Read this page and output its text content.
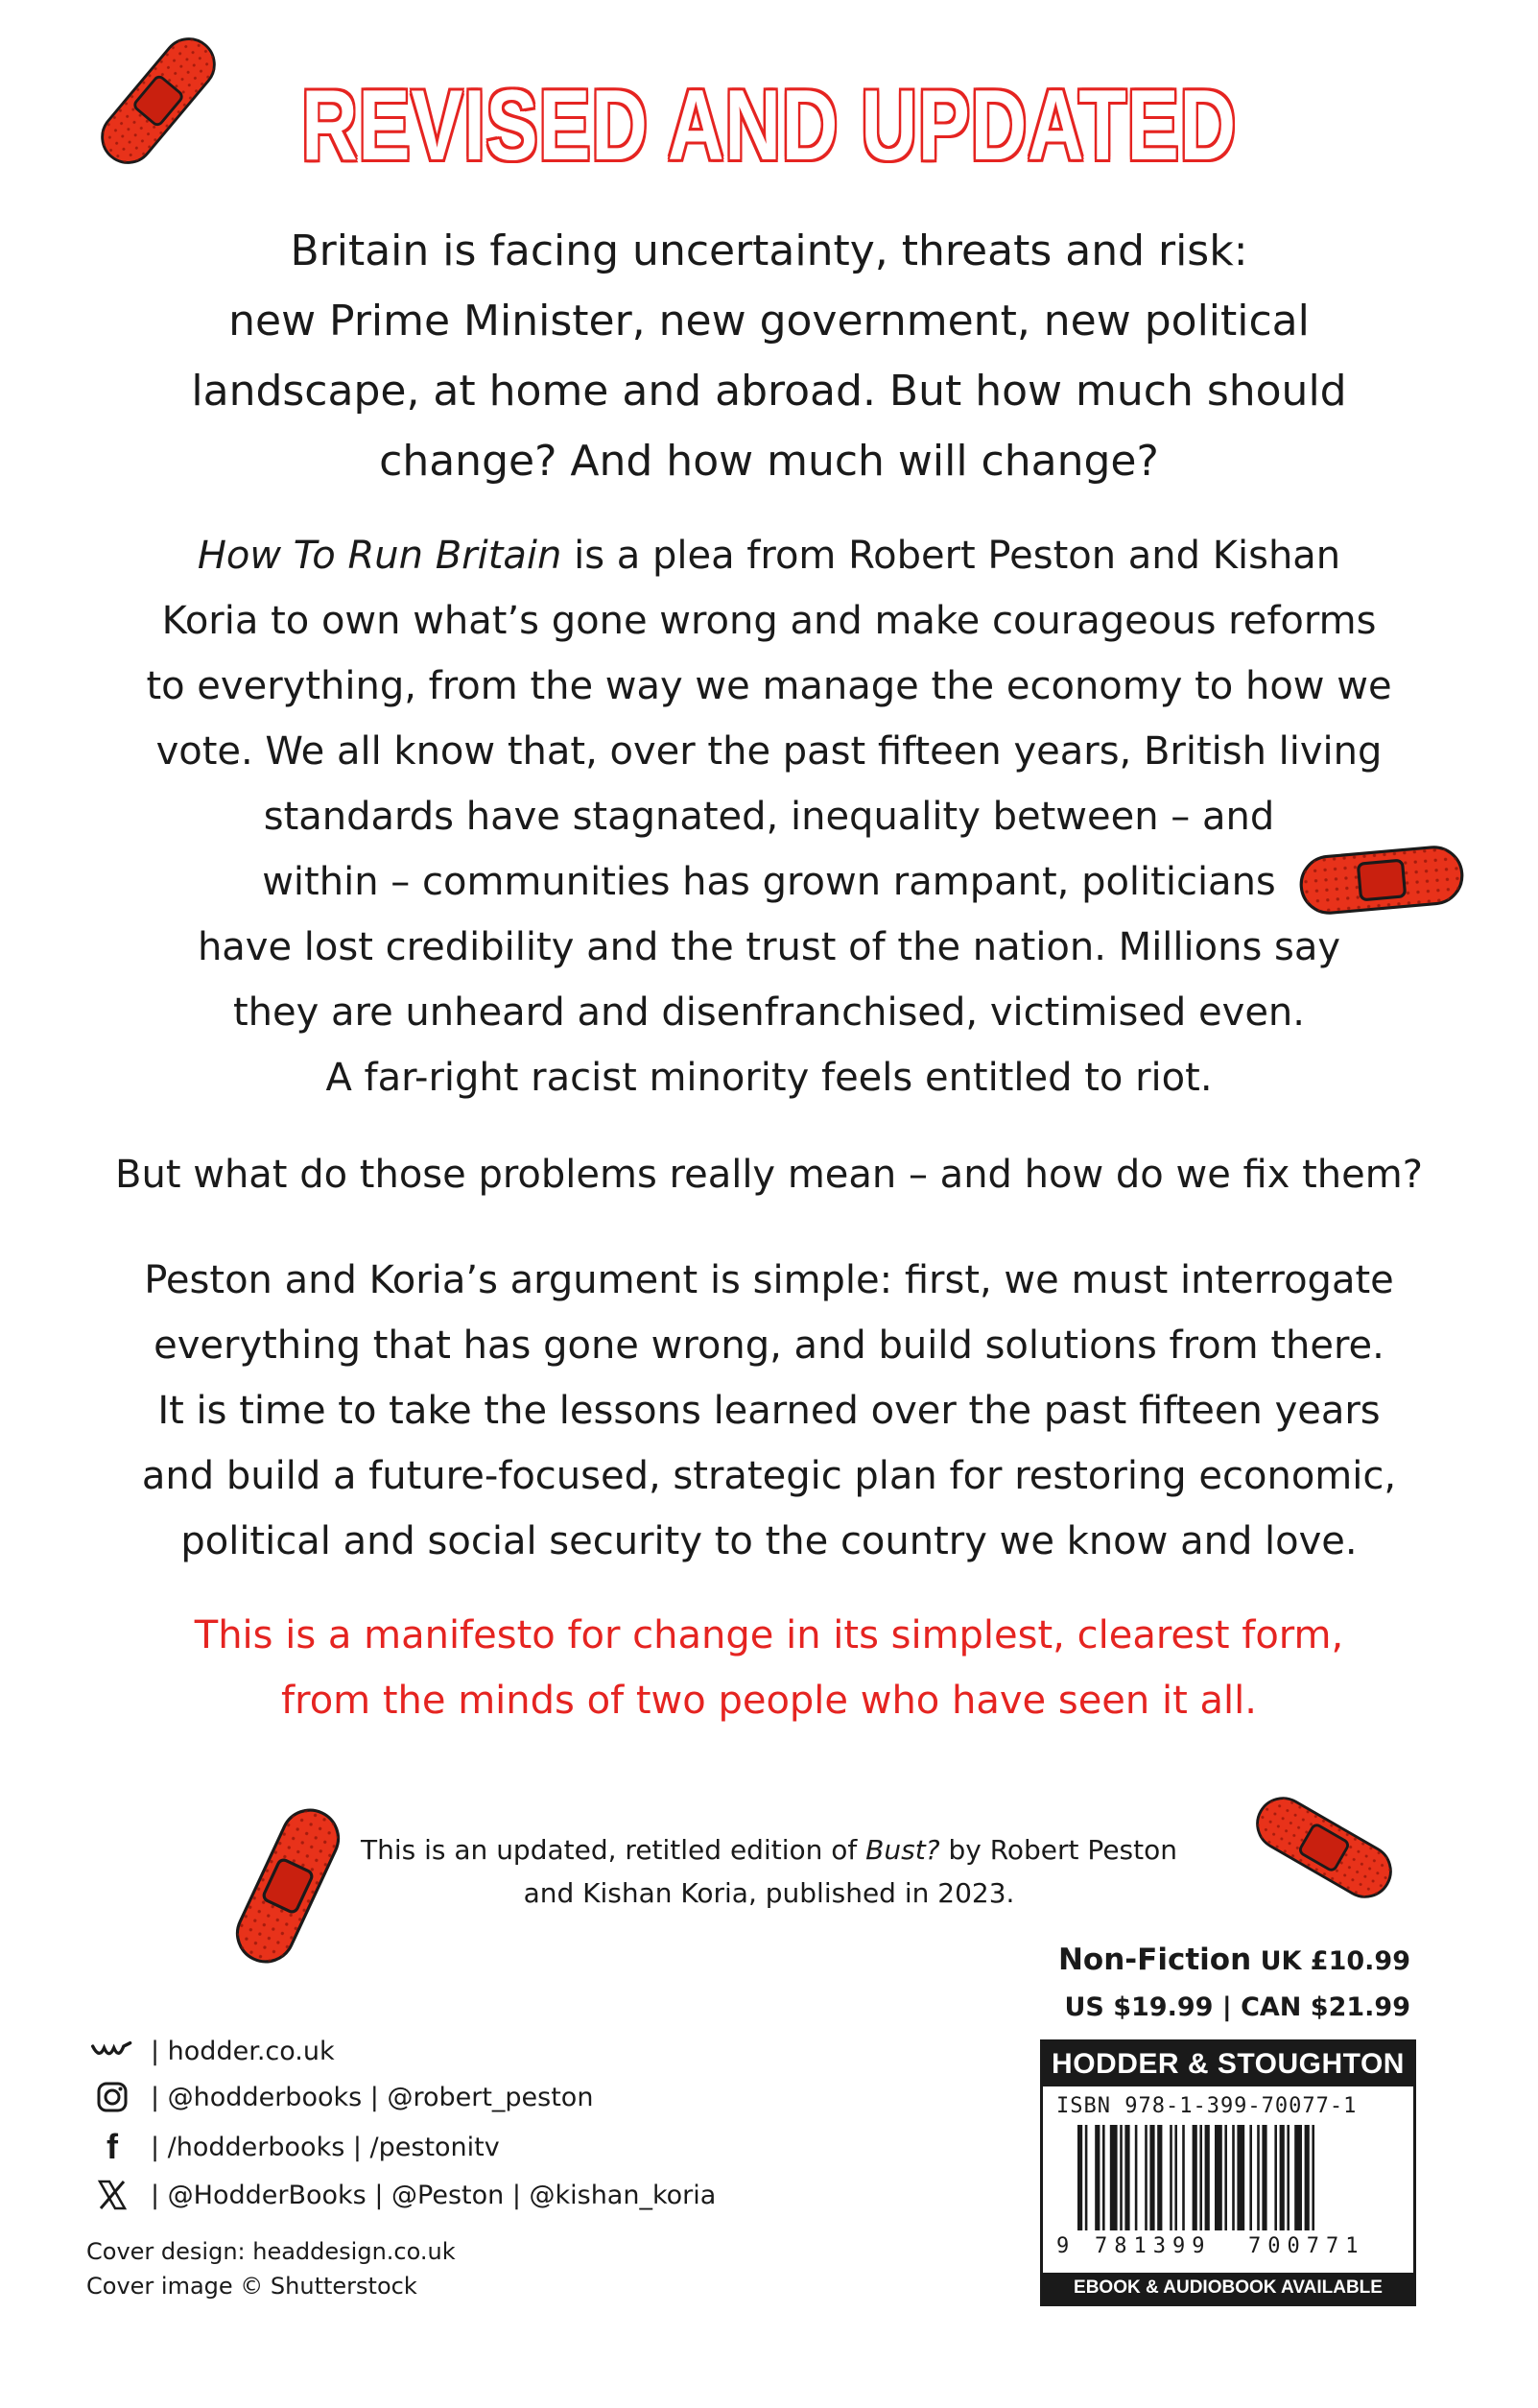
REVISED AND UPDATED
Britain is facing uncertainty, threats and risk:
new Prime Minister, new government, new political
landscape, at home and abroad. But how much should
change? And how much will change?
How To Run Britain is a plea from Robert Peston and Kishan
Koria to own what’s gone wrong and make courageous reforms
to everything, from the way we manage the economy to how we
vote. We all know that, over the past fifteen years, British living
standards have stagnated, inequality between – and
within – communities has grown rampant, politicians
have lost credibility and the trust of the nation. Millions say
they are unheard and disenfranchised, victimised even.
A far-right racist minority feels entitled to riot.
But what do those problems really mean – and how do we fix them?
Peston and Koria’s argument is simple: first, we must interrogate
everything that has gone wrong, and build solutions from there.
It is time to take the lessons learned over the past fifteen years
and build a future-focused, strategic plan for restoring economic,
political and social security to the country we know and love.
This is a manifesto for change in its simplest, clearest form,
from the minds of two people who have seen it all.
This is an updated, retitled edition of Bust? by Robert Peston
and Kishan Koria, published in 2023.
Non-Fiction UK £10.99
US $19.99 | CAN $21.99
| hodder.co.uk
| @hodderbooks | @robert_peston
f	| /hodderbooks | /pestonitv
| @HodderBooks | @Peston | @kishan_koria
Cover design: headdesign.co.uk
Cover image © Shutterstock
HODDER & STOUGHTON
ISBN 978-1-399-70077-1
9 781399 700771
EBOOK & AUDIOBOOK AVAILABLE
